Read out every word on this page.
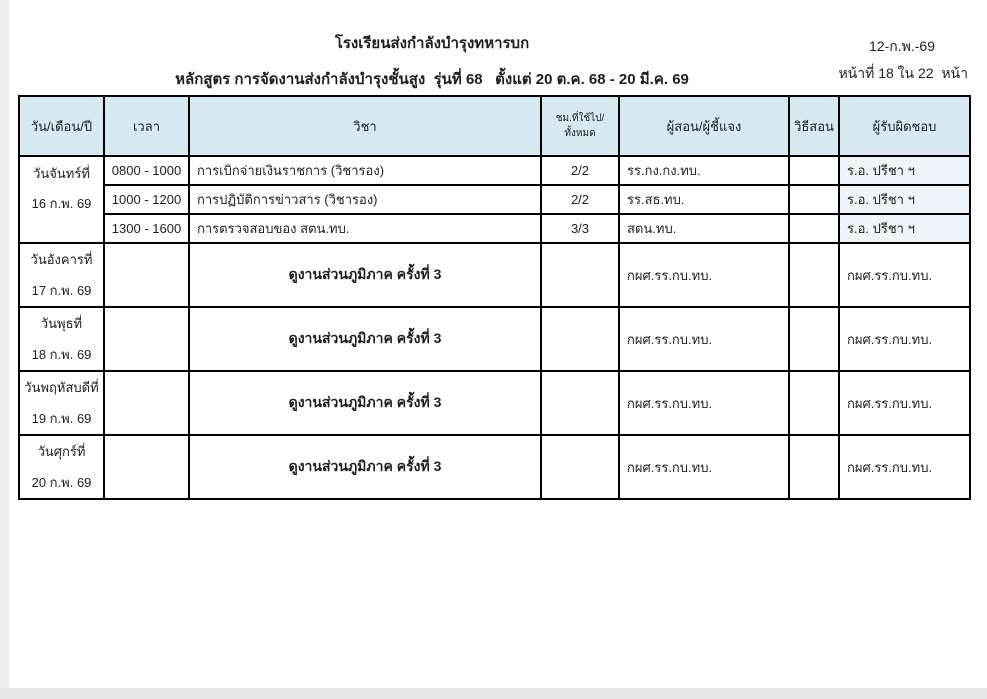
โรงเรียนส่งกำลังบำรุงทหารบก	12-ก.พ.-69
หลักสูตร การจัดงานส่งกำลังบำรุงชั้นสูง  รุ่นที่ 68   ตั้งแต่ 20 ต.ค. 68 - 20 มี.ค. 69	หน้าที่ 18 ใน 22  หน้า
วัน/เดือน/ปี	เวลา	วิชา	ชม.ที่ใช้ไป/ทั้งหมด	ผู้สอน/ผู้ชี้แจง	วิธีสอน	ผู้รับผิดชอบ

วันจันทร์ที่
16 ก.พ. 69	0800 - 1000	การเบิกจ่ายเงินราชการ (วิชารอง)	2/2	รร.กง.กง.ทบ.		ร.อ. ปรีชา ฯ
	1000 - 1200	การปฏิบัติการข่าวสาร (วิชารอง)	2/2	รร.สธ.ทบ.		ร.อ. ปรีชา ฯ
	1300 - 1600	การตรวจสอบของ สตน.ทบ.	3/3	สตน.ทบ.		ร.อ. ปรีชา ฯ

วันอังคารที่
17 ก.พ. 69		ดูงานส่วนภูมิภาค ครั้งที่ 3		กผศ.รร.กบ.ทบ.		กผศ.รร.กบ.ทบ.

วันพุธที่
18 ก.พ. 69		ดูงานส่วนภูมิภาค ครั้งที่ 3		กผศ.รร.กบ.ทบ.		กผศ.รร.กบ.ทบ.

วันพฤหัสบดีที่
19 ก.พ. 69		ดูงานส่วนภูมิภาค ครั้งที่ 3		กผศ.รร.กบ.ทบ.		กผศ.รร.กบ.ทบ.

วันศุกร์ที่
20 ก.พ. 69		ดูงานส่วนภูมิภาค ครั้งที่ 3		กผศ.รร.กบ.ทบ.		กผศ.รร.กบ.ทบ.
